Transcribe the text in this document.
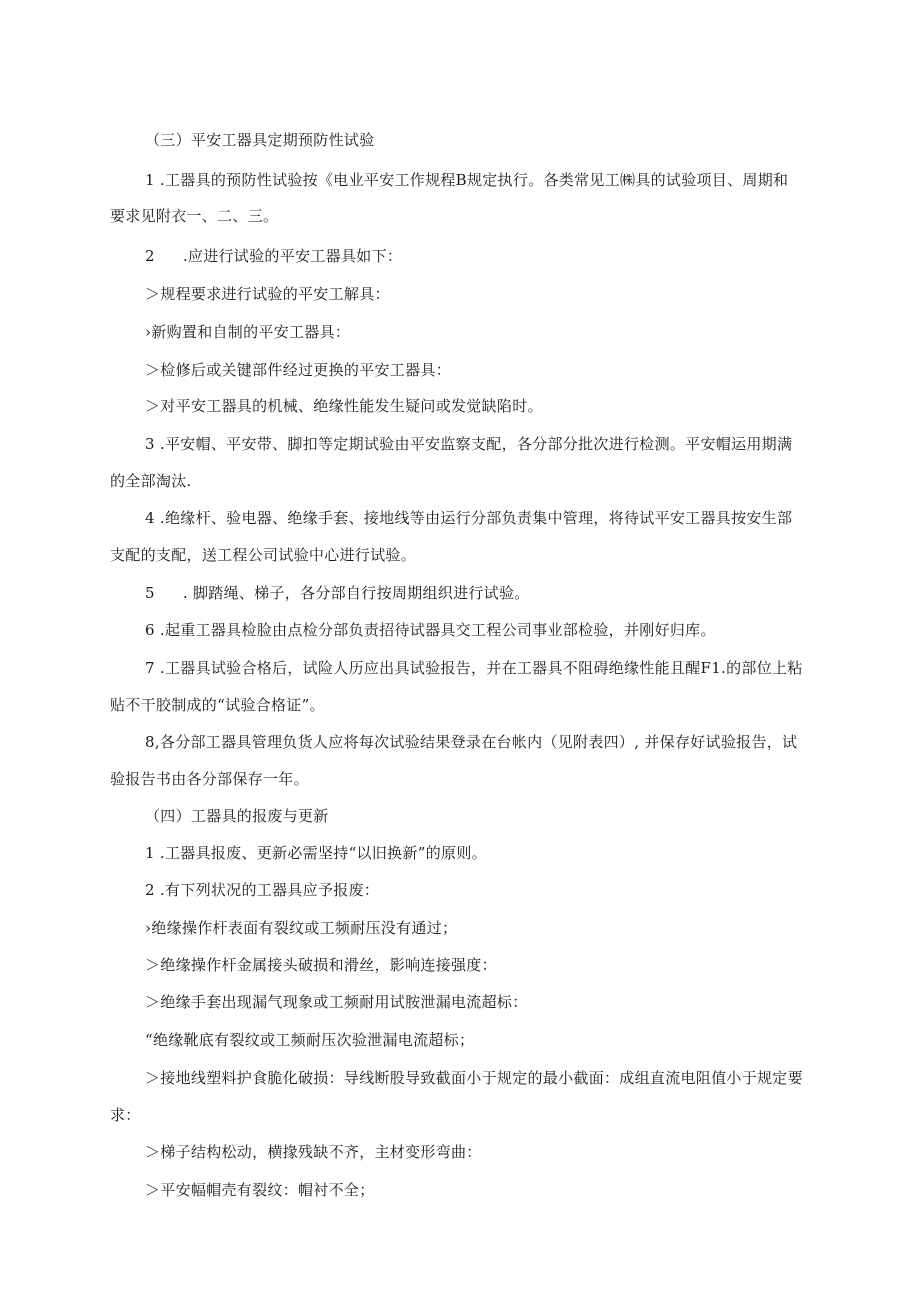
（三）平安工器具定期预防性试验
1 .工器具的预防性试验按《电业平安工作规程B规定执行。各类常见工㈱具的试验项目、周期和
要求见附衣一、二、三。
2 .应进行试验的平安工器具如下：
＞规程要求进行试验的平安工解具：
›新购置和自制的平安工器具：
＞检修后或关键部件经过更换的平安工器具：
＞对平安工器具的机械、绝缘性能发生疑问或发觉缺陷时。
3 .平安帽、平安带、脚扣等定期试验由平安监察支配，各分部分批次进行检测。平安帽运用期满
的全部淘汰.
4 .绝缘杆、验电器、绝缘手套、接地线等由运行分部负责集中管理，将待试平安工器具按安生部
支配的支配，送工程公司试验中心进行试验。
5 . 脚踏绳、梯子，各分部自行按周期组织进行试验。
6 .起重工器具检脸由点检分部负责招待试器具交工程公司事业部检验，并刚好归库。
7 .工器具试验合格后，试险人历应出具试验报告，并在工器具不阻碍绝缘性能且醒F1.的部位上粘
贴不干胶制成的“试验合格证”。
8,各分部工器具管理负货人应将每次试验结果登录在台帐内（见附表四）, 并保存好试验报告，试
验报告书由各分部保存一年。
（四）工器具的报废与更新
1 .工器具报废、更新必需坚持“以旧换新”的原则。
2 .有下列状况的工器具应予报废：
›绝缘操作杆表面有裂纹或工频耐压没有通过；
＞绝缘操作杆金属接头破损和滑丝，影响连接强度：
＞绝缘手套出现漏气现象或工频耐用试胺泄漏电流超标：
“绝缘靴底有裂纹或工频耐压次验泄漏电流超标；
＞接地线塑料护食脆化破损：导线断股导致截面小于规定的最小截面：成组直流电阻值小于规定要
求：
＞梯子结构松动，横掾残缺不齐，主材变形弯曲：
＞平安幅帽壳有裂纹：帽衬不全；
